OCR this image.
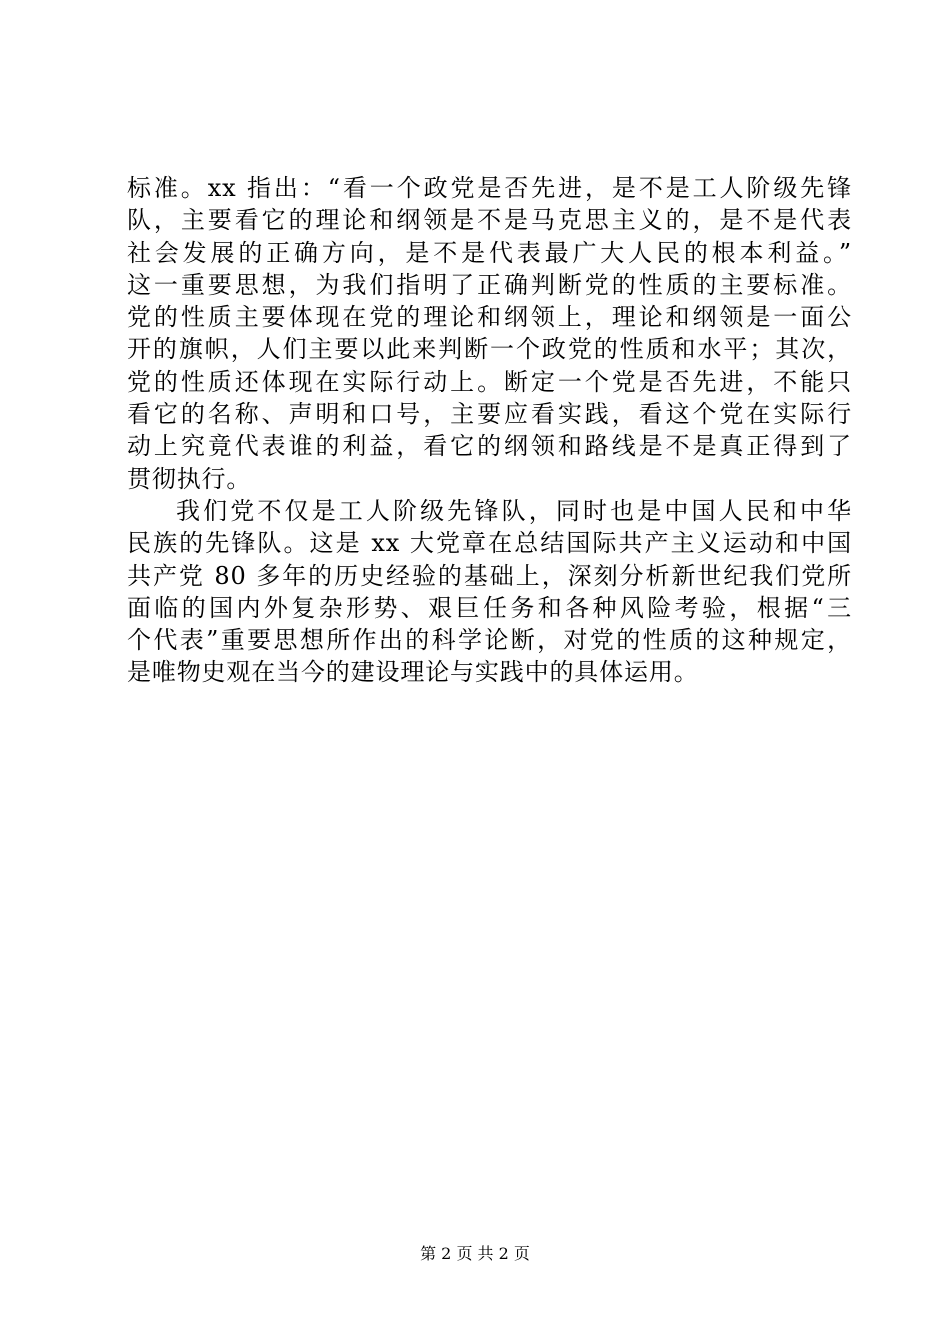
标准。xx 指出：“看一个政党是否先进，是不是工人阶级先锋
队，主要看它的理论和纲领是不是马克思主义的，是不是代表
社会发展的正确方向，是不是代表最广大人民的根本利益。”
这一重要思想，为我们指明了正确判断党的性质的主要标准。
党的性质主要体现在党的理论和纲领上，理论和纲领是一面公
开的旗帜，人们主要以此来判断一个政党的性质和水平；其次，
党的性质还体现在实际行动上。断定一个党是否先进，不能只
看它的名称、声明和口号，主要应看实践，看这个党在实际行
动上究竟代表谁的利益，看它的纲领和路线是不是真正得到了
贯彻执行。
我们党不仅是工人阶级先锋队，同时也是中国人民和中华
民族的先锋队。这是 xx 大党章在总结国际共产主义运动和中国
共产党 80 多年的历史经验的基础上，深刻分析新世纪我们党所
面临的国内外复杂形势、艰巨任务和各种风险考验，根据“三
个代表”重要思想所作出的科学论断，对党的性质的这种规定，
是唯物史观在当今的建设理论与实践中的具体运用。
第 2 页 共 2 页
